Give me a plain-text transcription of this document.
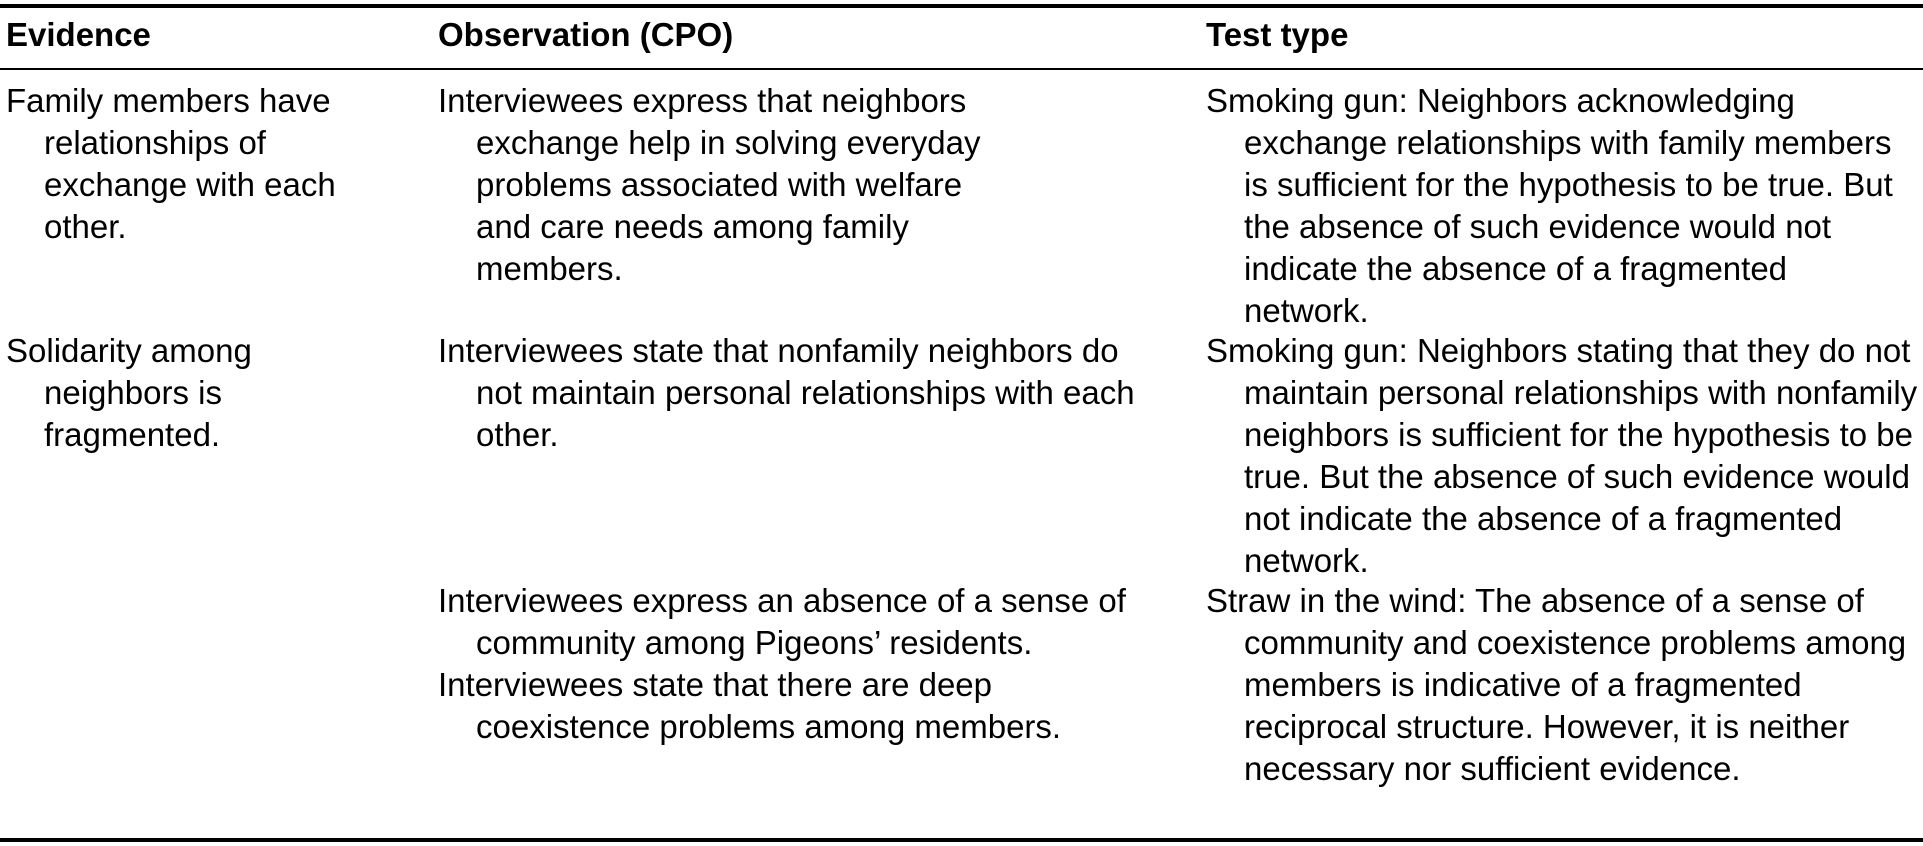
Evidence	Observation (CPO)	Test type
Family members have relationships of exchange with each other.
Interviewees express that neighbors exchange help in solving everyday problems associated with welfare and care needs among family members.
Smoking gun: Neighbors acknowledging exchange relationships with family members is sufficient for the hypothesis to be true. But the absence of such evidence would not indicate the absence of a fragmented network.
Solidarity among neighbors is fragmented.
Interviewees state that nonfamily neighbors do not maintain personal relationships with each other.
Smoking gun: Neighbors stating that they do not maintain personal relationships with nonfamily neighbors is sufficient for the hypothesis to be true. But the absence of such evidence would not indicate the absence of a fragmented network.
Interviewees express an absence of a sense of community among Pigeons’ residents.
Interviewees state that there are deep coexistence problems among members.
Straw in the wind: The absence of a sense of community and coexistence problems among members is indicative of a fragmented reciprocal structure. However, it is neither necessary nor sufficient evidence.
